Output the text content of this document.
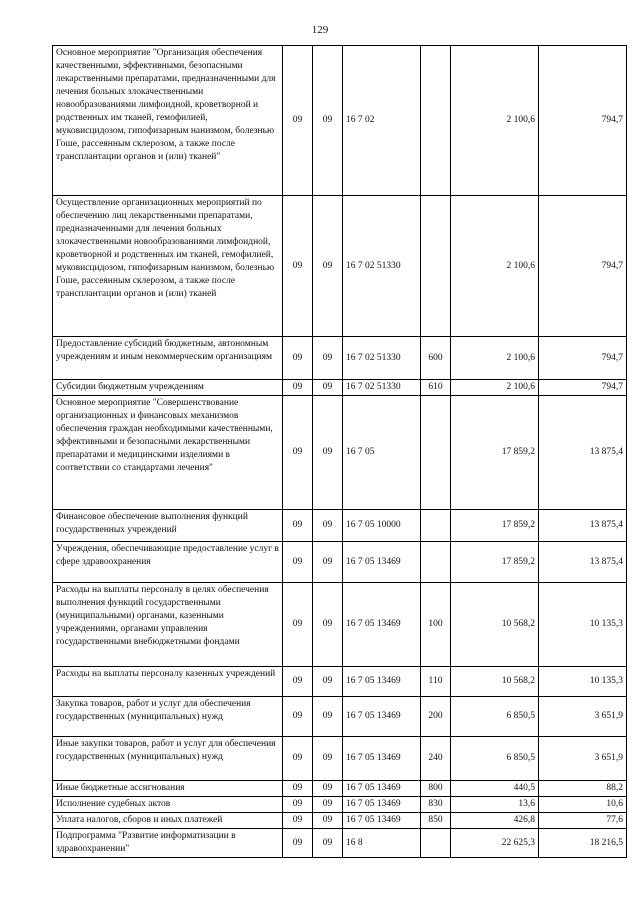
129
Основное мероприятие "Организация обеспечения качественными, эффективными, безопасными лекарственными препаратами, предназначенными для лечения больных злокачественными новообразованиями лимфоидной, кроветворной и родственных им тканей, гемофилией, муковисцидозом, гипофизарным нанизмом, болезнью Гоше, рассеянным склерозом, а также после трансплантации органов и (или) тканей"	09	09	16 7 02		2 100,6	794,7
Осуществление организационных мероприятий по обеспечению лиц лекарственными препаратами, предназначенными для лечения больных злокачественными новообразованиями лимфоидной, кроветворной и родственных им тканей, гемофилией, муковисцидозом, гипофизарным нанизмом, болезнью Гоше, рассеянным склерозом, а также после трансплантации органов и (или) тканей	09	09	16 7 02 51330		2 100,6	794,7
Предоставление субсидий бюджетным, автономным учреждениям и иным некоммерческим организациям	09	09	16 7 02 51330	600	2 100,6	794,7
Субсидии бюджетным учреждениям	09	09	16 7 02 51330	610	2 100,6	794,7
Основное мероприятие "Совершенствование организационных и финансовых механизмов обеспечения граждан необходимыми качественными, эффективными и безопасными лекарственными препаратами и медицинскими изделиями в соответствии со стандартами лечения"	09	09	16 7 05		17 859,2	13 875,4
Финансовое обеспечение выполнения функций государственных учреждений	09	09	16 7 05 10000		17 859,2	13 875,4
Учреждения, обеспечивающие предоставление услуг в сфере здравоохранения	09	09	16 7 05 13469		17 859,2	13 875,4
Расходы на выплаты персоналу в целях обеспечения выполнения функций государственными (муниципальными) органами, казенными учреждениями, органами управления государственными внебюджетными фондами	09	09	16 7 05 13469	100	10 568,2	10 135,3
Расходы на выплаты персоналу казенных учреждений	09	09	16 7 05 13469	110	10 568,2	10 135,3
Закупка товаров, работ и услуг для обеспечения государственных (муниципальных) нужд	09	09	16 7 05 13469	200	6 850,5	3 651,9
Иные закупки товаров, работ и услуг для обеспечения государственных (муниципальных) нужд	09	09	16 7 05 13469	240	6 850,5	3 651,9
Иные бюджетные ассигнования	09	09	16 7 05 13469	800	440,5	88,2
Исполнение судебных актов	09	09	16 7 05 13469	830	13,6	10,6
Уплата налогов, сборов и иных платежей	09	09	16 7 05 13469	850	426,8	77,6
Подпрограмма "Развитие информатизации в здравоохранении"	09	09	16 8		22 625,3	18 216,5
